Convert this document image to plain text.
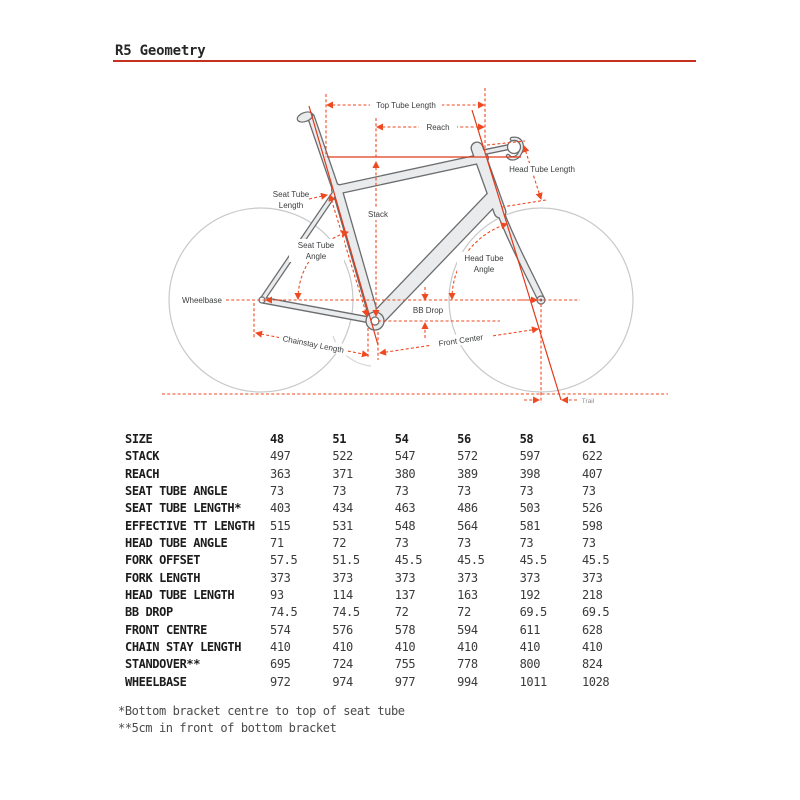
R5 Geometry
Top Tube Length
Reach
Head Tube Length
Seat Tube
Length
Stack
Seat Tube
Angle	Head Tube
Angle
Wheelbase
BB Drop
Chainstay Length	Front Center
Trail
SIZE	48	51	54	56	58	61
STACK	497	522	547	572	597	622
REACH	363	371	380	389	398	407
SEAT TUBE ANGLE	73	73	73	73	73	73
SEAT TUBE LENGTH*	403	434	463	486	503	526
EFFECTIVE TT LENGTH	515	531	548	564	581	598
HEAD TUBE ANGLE	71	72	73	73	73	73
FORK OFFSET	57.5	51.5	45.5	45.5	45.5	45.5
FORK LENGTH	373	373	373	373	373	373
HEAD TUBE LENGTH	93	114	137	163	192	218
BB DROP	74.5	74.5	72	72	69.5	69.5
FRONT CENTRE	574	576	578	594	611	628
CHAIN STAY LENGTH	410	410	410	410	410	410
STANDOVER**	695	724	755	778	800	824
WHEELBASE	972	974	977	994	1011	1028
*Bottom bracket centre to top of seat tube
**5cm in front of bottom bracket
